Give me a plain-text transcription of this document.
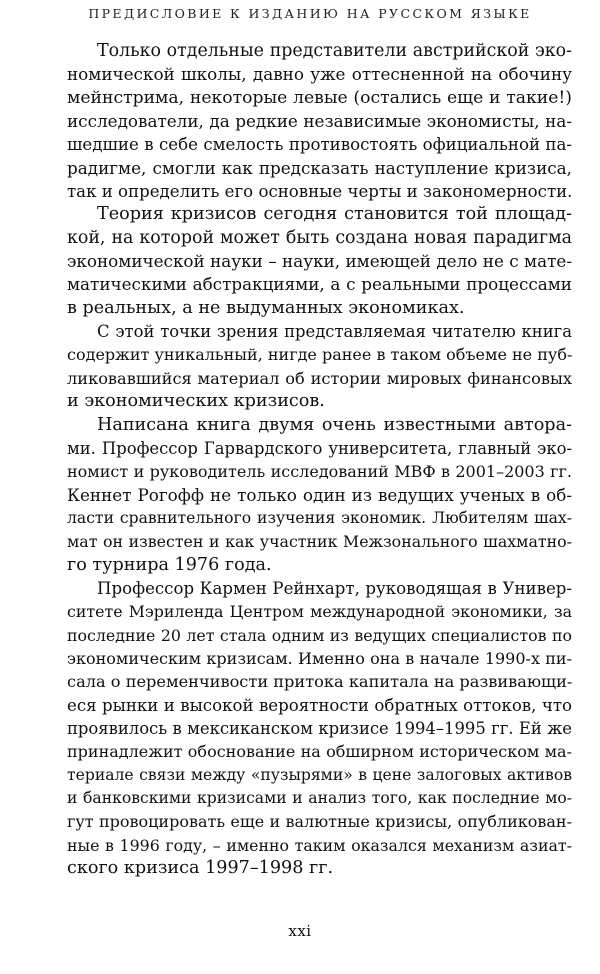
ПРЕДИСЛОВИЕ К ИЗДАНИЮ НА РУССКОМ ЯЗЫКЕ
Только отдельные представители австрийской эко-
номической школы, давно уже оттесненной на обочину
мейнстрима, некоторые левые (остались еще и такие!)
исследователи, да редкие независимые экономисты, на-
шедшие в себе смелость противостоять официальной па-
радигме, смогли как предсказать наступление кризиса,
так и определить его основные черты и закономерности.
Теория кризисов сегодня становится той площад-
кой, на которой может быть создана новая парадигма
экономической науки – науки, имеющей дело не с мате-
матическими абстракциями, а с реальными процессами
в реальных, а не выдуманных экономиках.
С этой точки зрения представляемая читателю книга
содержит уникальный, нигде ранее в таком объеме не пуб-
ликовавшийся материал об истории мировых финансовых
и экономических кризисов.
Написана книга двумя очень известными автора-
ми. Профессор Гарвардского университета, главный эко-
номист и руководитель исследований МВФ в 2001–2003 гг.
Кеннет Рогофф не только один из ведущих ученых в об-
ласти сравнительного изучения экономик. Любителям шах-
мат он известен и как участник Межзонального шахматно-
го турнира 1976 года.
Профессор Кармен Рейнхарт, руководящая в Универ-
ситете Мэриленда Центром международной экономики, за
последние 20 лет стала одним из ведущих специалистов по
экономическим кризисам. Именно она в начале 1990-х пи-
сала о переменчивости притока капитала на развивающи-
еся рынки и высокой вероятности обратных оттоков, что
проявилось в мексиканском кризисе 1994–1995 гг. Ей же
принадлежит обоснование на обширном историческом ма-
териале связи между «пузырями» в цене залоговых активов
и банковскими кризисами и анализ того, как последние мо-
гут провоцировать еще и валютные кризисы, опубликован-
ные в 1996 году, – именно таким оказался механизм азиат-
ского кризиса 1997–1998 гг.
xxi
